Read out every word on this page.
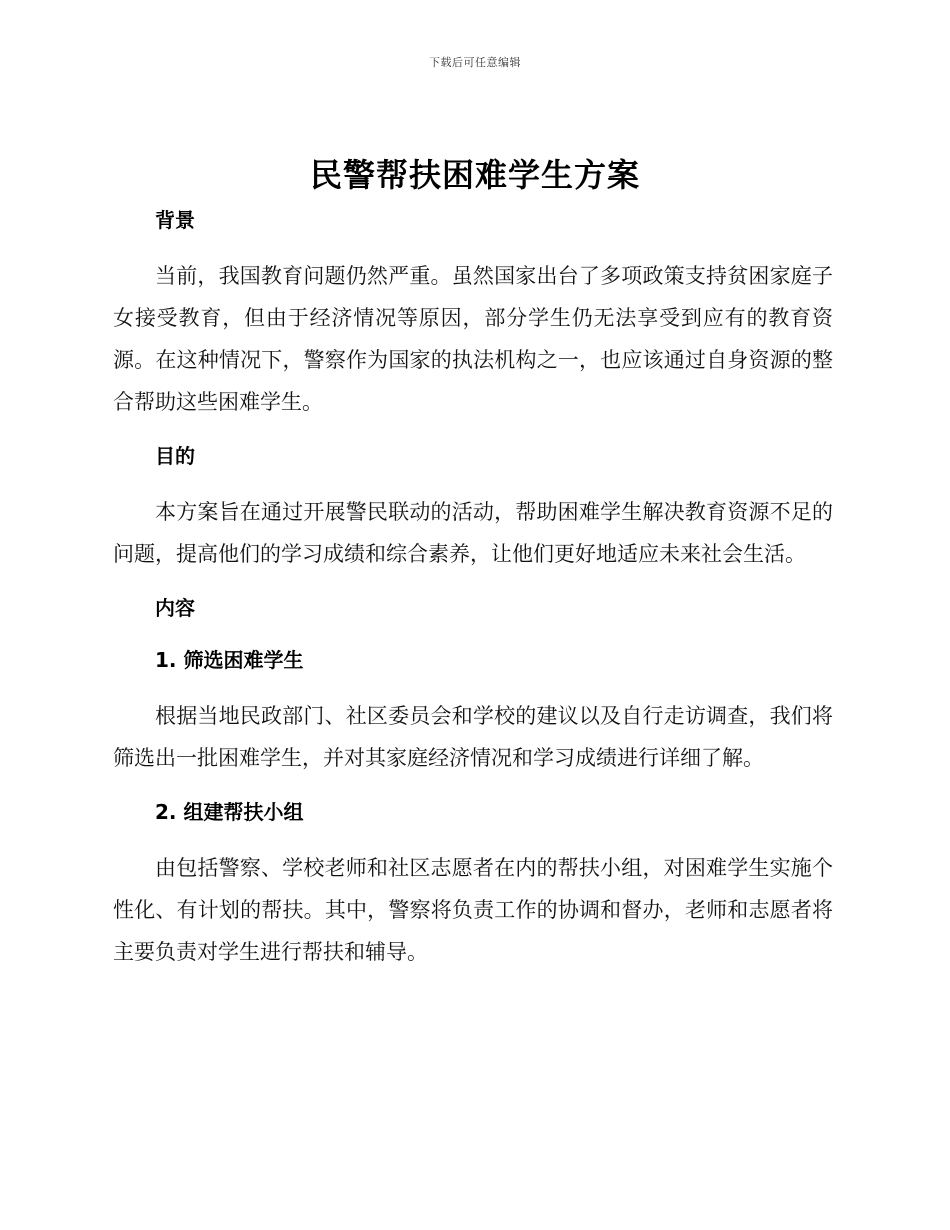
下载后可任意编辑
民警帮扶困难学生方案
背景

当前，我国教育问题仍然严重。虽然国家出台了多项政策支持贫困家庭子女接受教育，但由于经济情况等原因，部分学生仍无法享受到应有的教育资源。在这种情况下，警察作为国家的执法机构之一，也应该通过自身资源的整合帮助这些困难学生。

目的

本方案旨在通过开展警民联动的活动，帮助困难学生解决教育资源不足的问题，提高他们的学习成绩和综合素养，让他们更好地适应未来社会生活。

内容
1. 筛选困难学生

根据当地民政部门、社区委员会和学校的建议以及自行走访调查，我们将筛选出一批困难学生，并对其家庭经济情况和学习成绩进行详细了解。

2. 组建帮扶小组

由包括警察、学校老师和社区志愿者在内的帮扶小组，对困难学生实施个性化、有计划的帮扶。其中，警察将负责工作的协调和督办，老师和志愿者将主要负责对学生进行帮扶和辅导。
